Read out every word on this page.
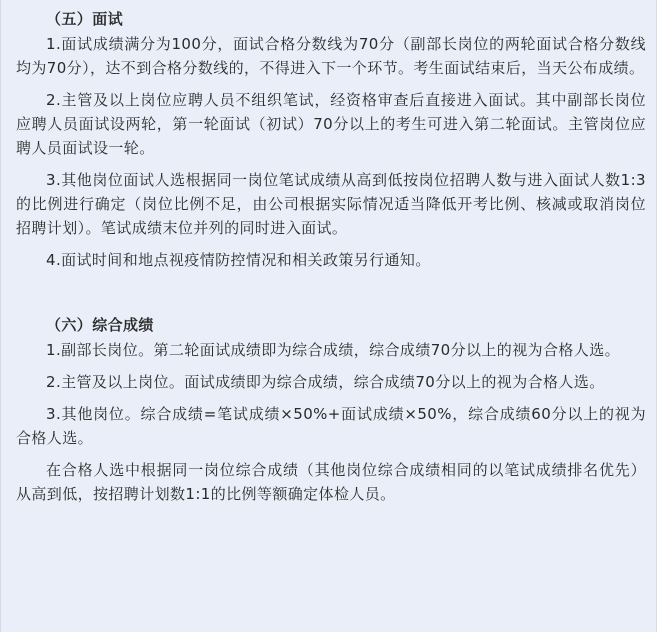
（五）面试

1.面试成绩满分为100分，面试合格分数线为70分（副部长岗位的两轮面试合格分数线均为70分），达不到合格分数线的，不得进入下一个环节。考生面试结束后，当天公布成绩。

2.主管及以上岗位应聘人员不组织笔试，经资格审查后直接进入面试。其中副部长岗位应聘人员面试设两轮，第一轮面试（初试）70分以上的考生可进入第二轮面试。主管岗位应聘人员面试设一轮。

3.其他岗位面试人选根据同一岗位笔试成绩从高到低按岗位招聘人数与进入面试人数1:3的比例进行确定（岗位比例不足，由公司根据实际情况适当降低开考比例、核减或取消岗位招聘计划）。笔试成绩末位并列的同时进入面试。

4.面试时间和地点视疫情防控情况和相关政策另行通知。

（六）综合成绩

1.副部长岗位。第二轮面试成绩即为综合成绩，综合成绩70分以上的视为合格人选。

2.主管及以上岗位。面试成绩即为综合成绩，综合成绩70分以上的视为合格人选。

3.其他岗位。综合成绩=笔试成绩×50%+面试成绩×50%，综合成绩60分以上的视为合格人选。

在合格人选中根据同一岗位综合成绩（其他岗位综合成绩相同的以笔试成绩排名优先）从高到低，按招聘计划数1:1的比例等额确定体检人员。
